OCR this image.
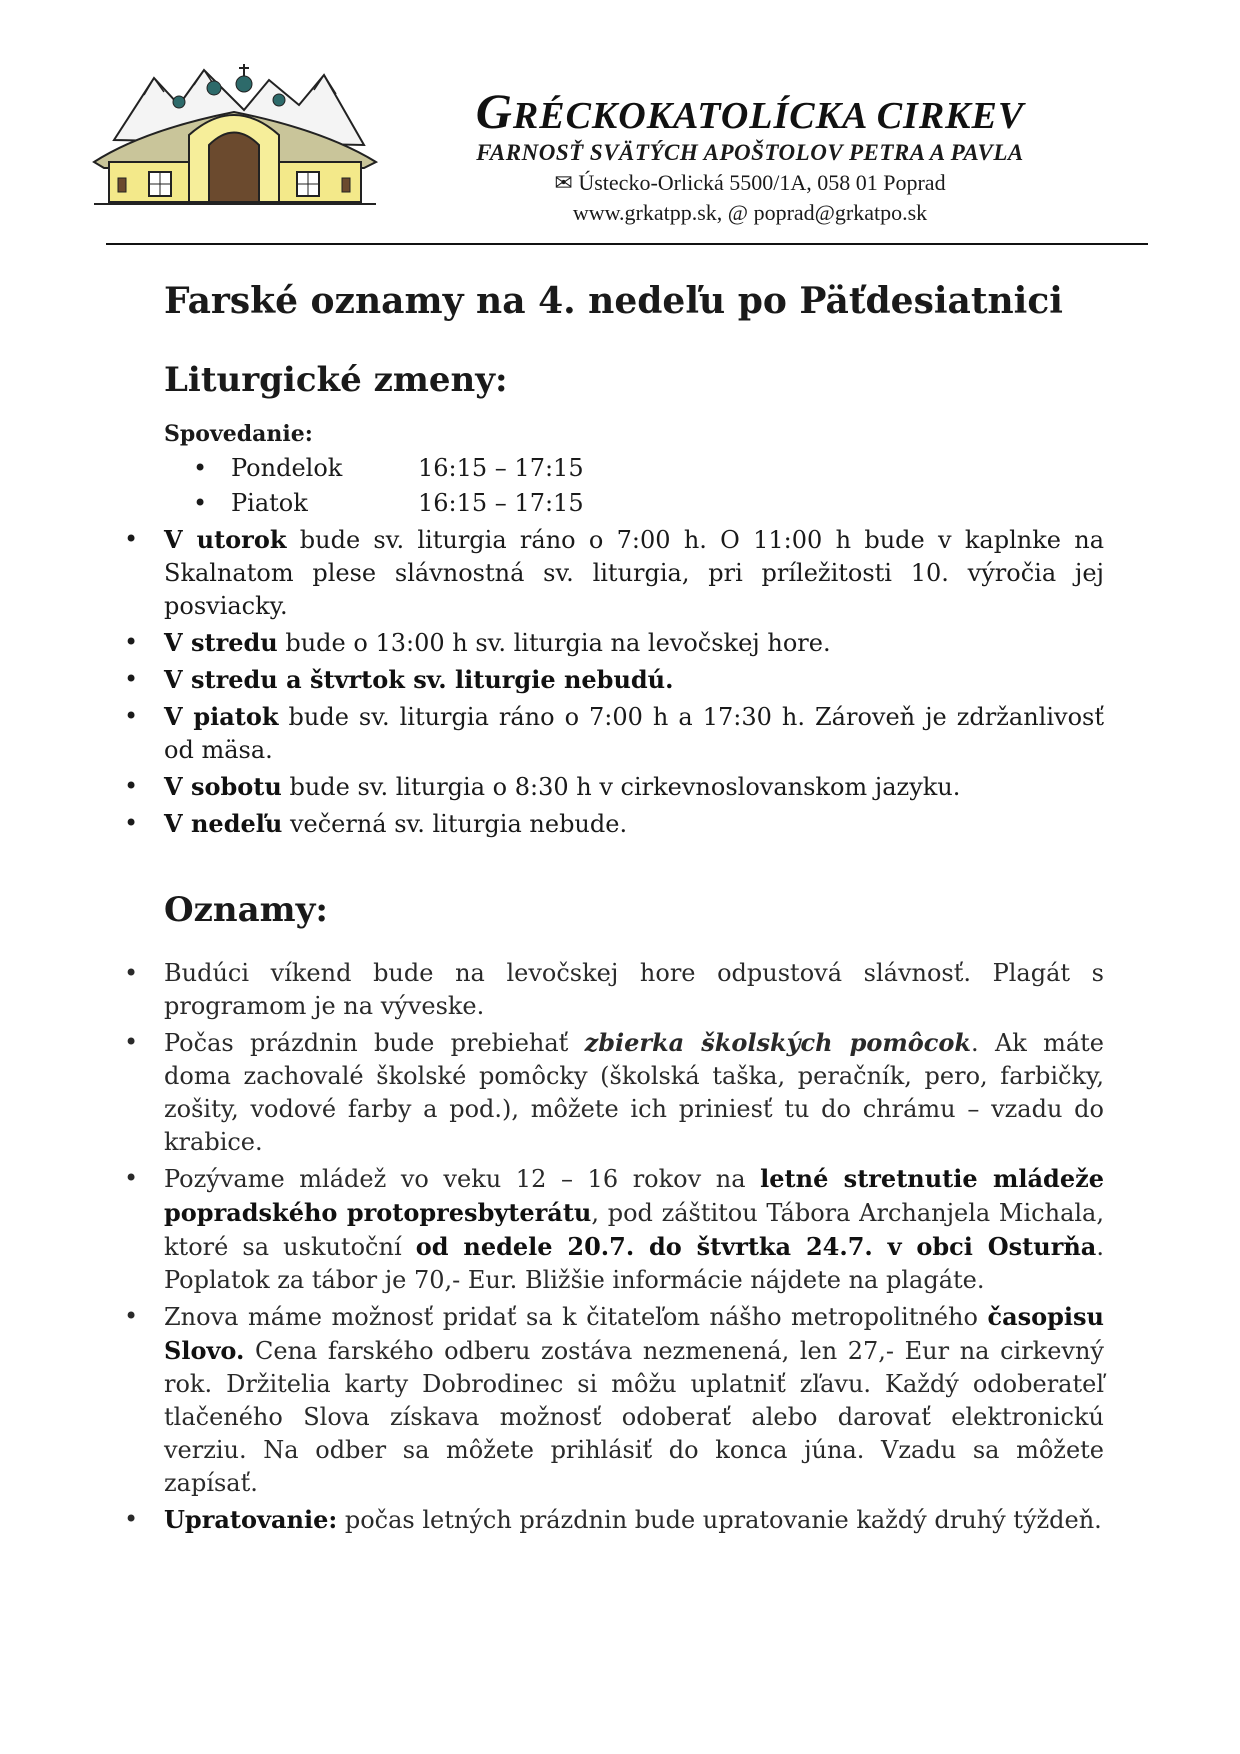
GRÉCKOKATOLÍCKA CIRKEV
FARNOSŤ SVÄTÝCH APOŠTOLOV PETRA A PAVLA
✉ Ústecko-Orlická 5500/1A, 058 01 Poprad
www.grkatpp.sk, @ poprad@grkatpo.sk
Farské oznamy na 4. nedeľu po Päťdesiatnici
Liturgické zmeny:
Spovedanie:
• Pondelok	16:15 – 17:15
• Piatok	16:15 – 17:15
• V utorok bude sv. liturgia ráno o 7:00 h. O 11:00 h bude v kaplnke na Skalnatom plese slávnostná sv. liturgia, pri príležitosti 10. výročia jej posviacky.
• V stredu bude o 13:00 h sv. liturgia na levočskej hore.
• V stredu a štvrtok sv. liturgie nebudú.
• V piatok bude sv. liturgia ráno o 7:00 h a 17:30 h. Zároveň je zdržanlivosť od mäsa.
• V sobotu bude sv. liturgia o 8:30 h v cirkevnoslovanskom jazyku.
• V nedeľu večerná sv. liturgia nebude.
Oznamy:
• Budúci víkend bude na levočskej hore odpustová slávnosť. Plagát s programom je na vývеske.
• Počas prázdnin bude prebiehať zbierka školských pomôcok. Ak máte doma zachovalé školské pomôcky (školská taška, peračník, pero, farbičky, zošity, vodové farby a pod.), môžete ich priniesť tu do chrámu – vzadu do krabice.
• Pozývame mládež vo veku 12 – 16 rokov na letné stretnutie mládeže popradského protopresbyterátu, pod záštitou Tábora Archanjela Michala, ktoré sa uskutoční od nedele 20.7. do štvrtka 24.7. v obci Osturňa. Poplatok za tábor je 70,- Eur. Bližšie informácie nájdete na plagáte.
• Znova máme možnosť pridať sa k čitateľom nášho metropolitného časopisu Slovo. Cena farského odberu zostáva nezmenená, len 27,- Eur na cirkevný rok. Držitelia karty Dobrodinec si môžu uplatniť zľavu. Každý odoberateľ tlačeného Slova získava možnosť odoberať alebo darovať elektronickú verziu. Na odber sa môžete prihlásiť do konca júna. Vzadu sa môžete zapísať.
• Upratovanie: počas letných prázdnin bude upratovanie každý druhý týždeň.
